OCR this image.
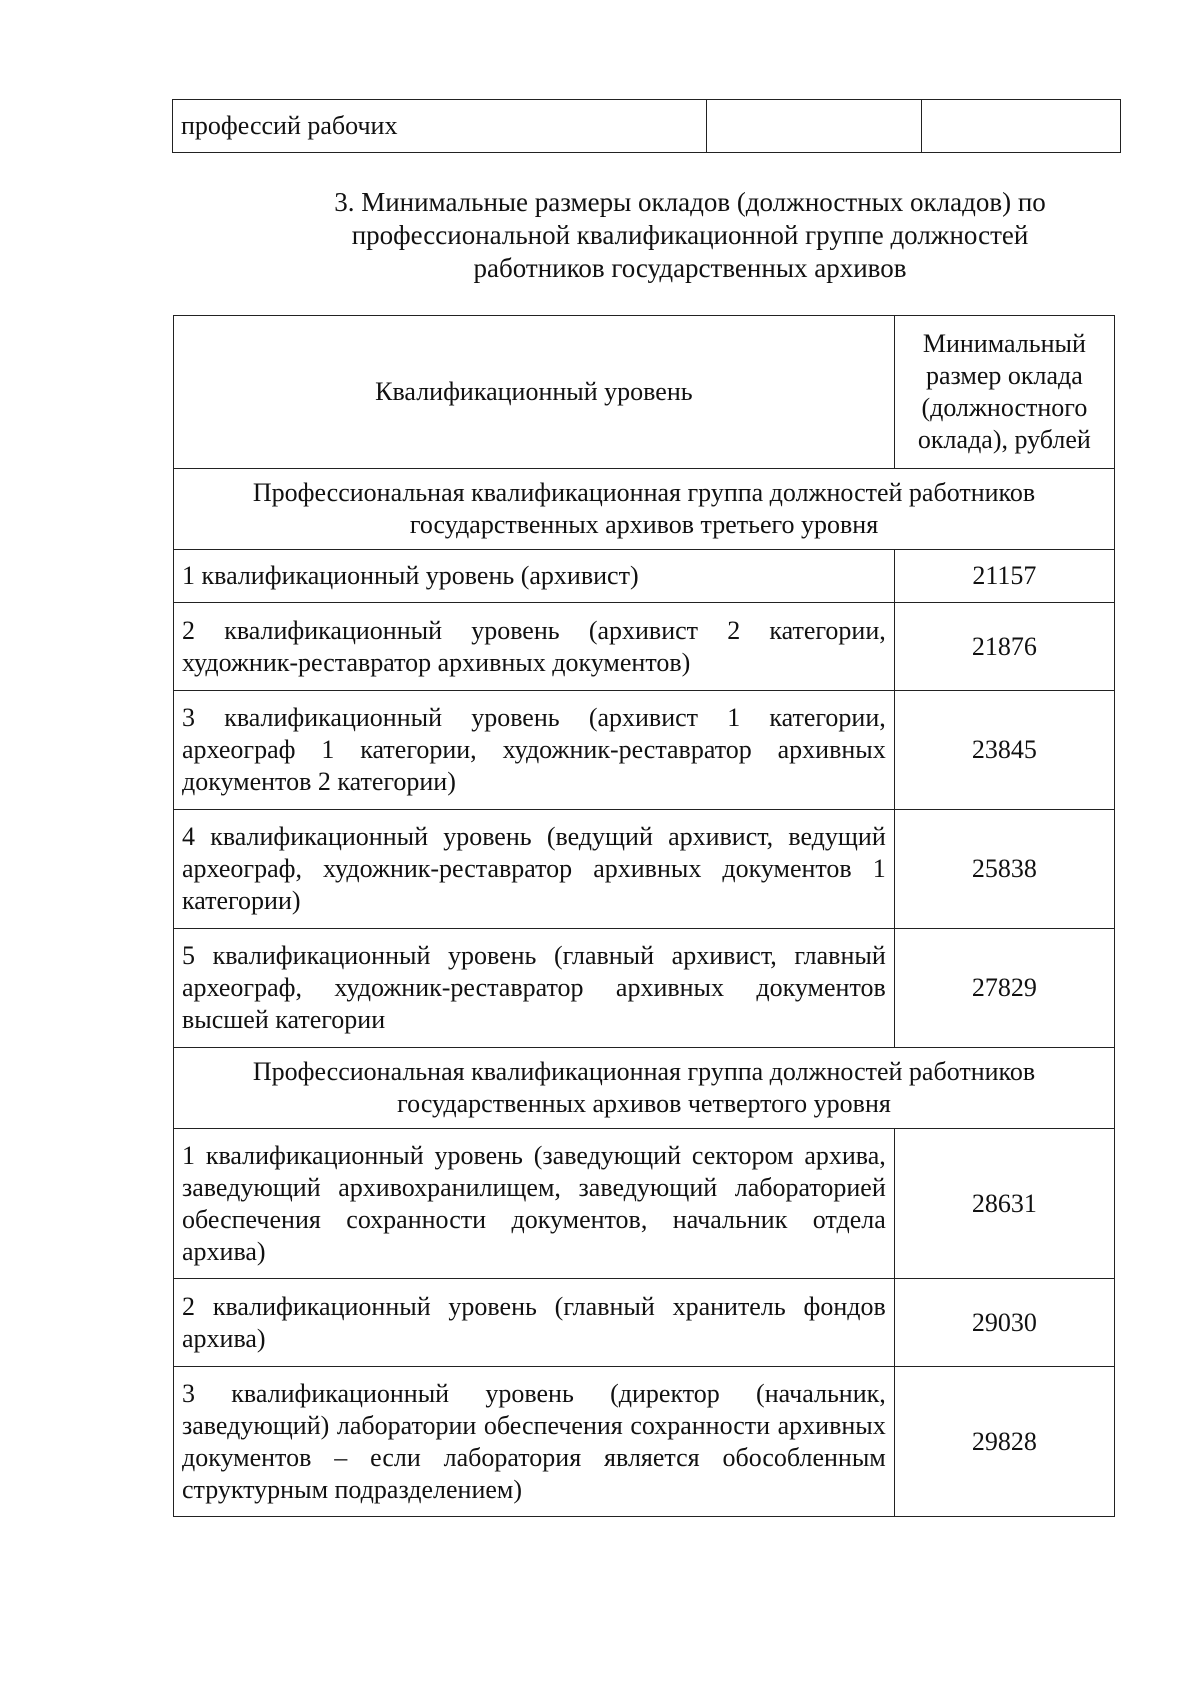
профессий рабочих		
3. Минимальные размеры окладов (должностных окладов) по
профессиональной квалификационной группе должностей
работников государственных архивов
Квалификационный уровень	Минимальный размер оклада (должностного оклада), рублей
Профессиональная квалификационная группа должностей работников государственных архивов третьего уровня	
1 квалификационный уровень (архивист)	21157
2 квалификационный уровень (архивист 2 категории, художник-реставратор архивных документов)	21876
3 квалификационный уровень (архивист 1 категории, археограф 1 категории, художник-реставратор архивных документов 2 категории)	23845
4 квалификационный уровень (ведущий архивист, ведущий археограф, художник-реставратор архивных документов 1 категории)	25838
5 квалификационный уровень (главный архивист, главный археограф, художник-реставратор архивных документов высшей категории	27829
Профессиональная квалификационная группа должностей работников государственных архивов четвертого уровня	
1 квалификационный уровень (заведующий сектором архива, заведующий архивохранилищем, заведующий лабораторией обеспечения сохранности документов, начальник отдела архива)	28631
2 квалификационный уровень (главный хранитель фондов архива)	29030
3 квалификационный уровень (директор (начальник, заведующий) лаборатории обеспечения сохранности архивных документов – если лаборатория является обособленным структурным подразделением)	29828
